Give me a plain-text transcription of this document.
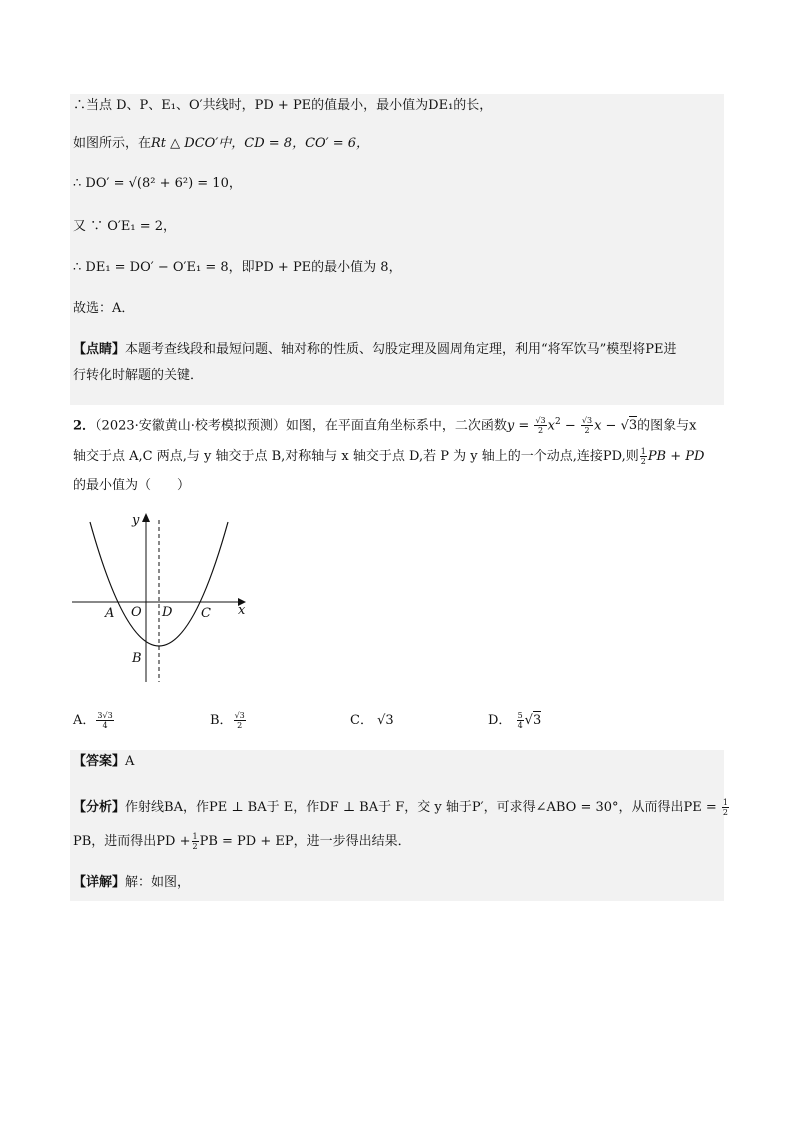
∴当点 D、P、E₁、O′共线时，PD + PE的值最小，最小值为DE₁的长，
如图所示，在Rt △ DCO′中，CD = 8，CO′ = 6，
∴ DO′ = √(8² + 6²) = 10，
又 ∵ O′E₁ = 2，
∴ DE₁ = DO′ − O′E₁ = 8，即PD + PE的最小值为 8，
故选：A．
【点睛】本题考查线段和最短问题、轴对称的性质、勾股定理及圆周角定理，利用“将军饮马”模型将PE进
行转化时解题的关键．
2．（2023·安徽黄山·校考模拟预测）如图，在平面直角坐标系中，二次函数$y = \frac{√3}{2} x^2 - \frac{√3}{2}$ x − √3的图象与x
轴交于点 A,C 两点,与 y 轴交于点 B,对称轴与 x 轴交于点 D,若 P 为 y 轴上的一个动点,连接PD,则 $\frac{1}{2}$ PB + PD
的最小值为（　　）
y
x
A O D C
B
A． $\frac{3√3}{4}$	B． $\frac{√3}{2}$	C． √3	D． $\frac{5}{4} √3$
【答案】A
【分析】作射线BA，作PE ⊥ BA于 E，作DF ⊥ BA于 F，交 y 轴于P′，可求得∠ABO = 30°，从而得出PE = $\frac{1}{2}$
PB，进而得出PD + $\frac{1}{2}$ PB = PD + EP，进一步得出结果．
【详解】解：如图，
